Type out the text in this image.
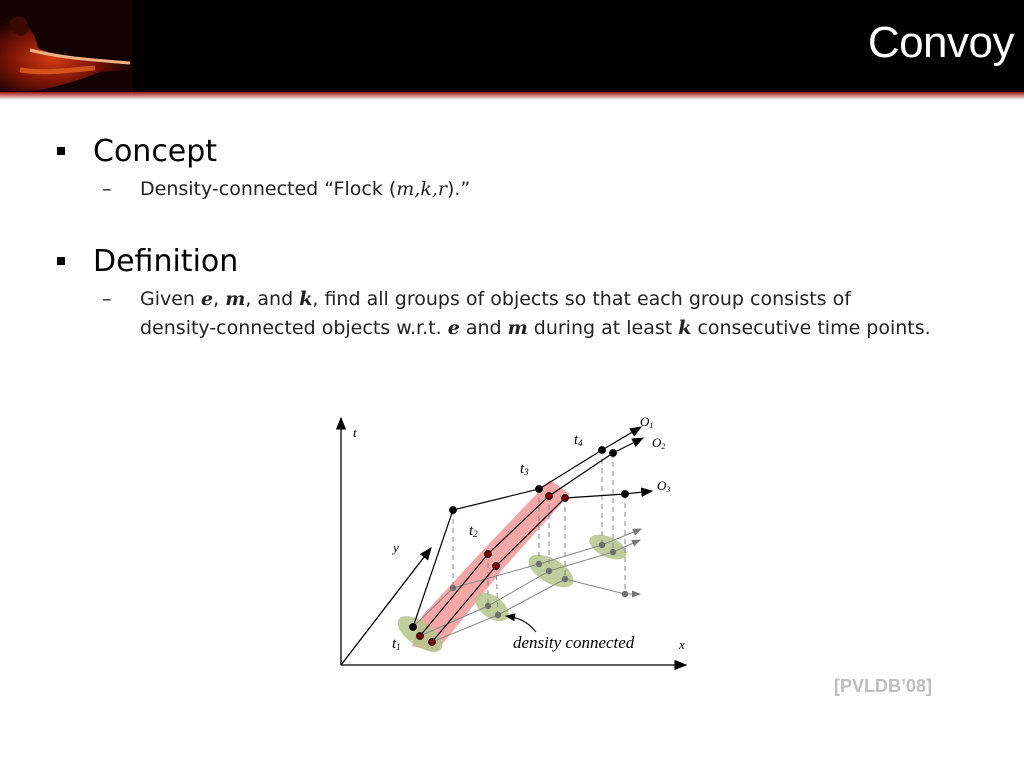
Convoy
Concept
– Density-connected “Flock (m,k,r).”
Definition
– Given e, m, and k, find all groups of objects so that each group consists of
density-connected objects w.r.t. e and m during at least k consecutive time points.
t
x
y
t1
t2
t3
t4
O1
O2
O3
density connected
[PVLDB’08]
